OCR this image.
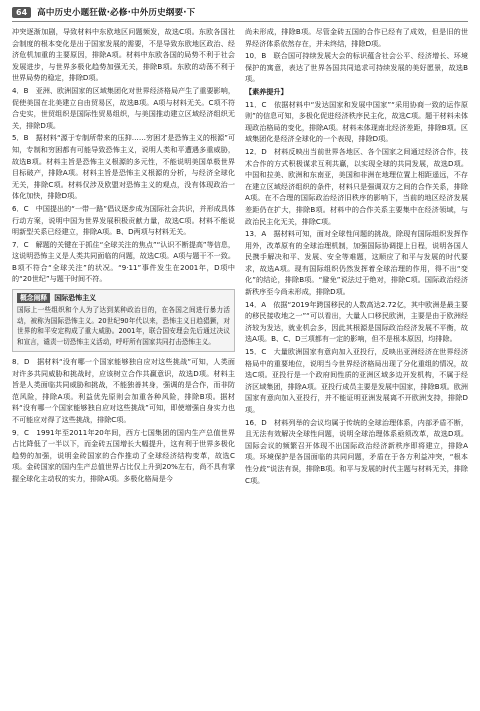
64	高中历史小题狂做·必修·中外历史纲要·下

冲突逐渐加剧，导致材料中东欧地区问题频发，故选C项。东欧各国社会制度的根本变化是出于国家发展的需要，不是导致东欧地区政治、经济危机加重的主要原因，排除A项。材料中东欧各国的局势不利于社会发展进步，与世界多极化趋势加强无关，排除B项。东欧的动荡不利于世界局势的稳定，排除D项。

4．B　亚洲、欧洲国家的区域集团化对世界经济格局产生了重要影响，促使美国在北美建立自由贸易区，故选B项。A项与材料无关。C项不符合史实，世贸组织是国际性贸易组织，与美国推动建立区域经济组织无关，排除D项。

5．B　据材料“源于专制所带来的压抑……穷困才是恐怖主义的根源”可知，专制和穷困都有可能导致恐怖主义，说明人类和平遭遇多重威胁，故选B项。材料主旨是恐怖主义根源的多元性，不能说明美国单极世界目标破产，排除A项。材料主旨是恐怖主义根源的分析，与经济全球化无关，排除C项。材料仅涉及欧盟对恐怖主义的观点，没有体现政治一体化加快，排除D项。

6．C　中国提出的“一带一路”倡议逐步成为国际社会共识，并形成具体行动方案，说明中国为世界发展积极贡献力量，故选C项。材料不能说明新型关系已经建立，排除A项。B、D两项与材料无关。

7．C　解题的关键在于抓住“全球关注的焦点”“认识不断提高”等信息，这说明恐怖主义是人类共同面临的问题，故选C项。A项与题干不一致。B项不符合“全球关注”的状况。“9·11”事件发生在2001年，D项中的“20世纪”与题干时间不符。

概念阐释	国际恐怖主义
国际上一些组织和个人为了达到某种政治目的，在各国之间进行暴力活动，被称为国际恐怖主义。20世纪90年代以来，恐怖主义日趋猖獗，对世界的和平安定构成了重大威胁。2001年，联合国安理会先后通过决议和宣言，谴责一切恐怖主义活动，呼吁所有国家共同打击恐怖主义。

8．D　据材料“没有哪一个国家能够独自应对这些挑战”可知，人类面对许多共同威胁和挑战时，应该树立合作共赢意识，故选D项。材料主旨是人类面临共同威胁和挑战，不能独善其身，强调的是合作，而非防范风险，排除A项。利益优先原则会加重各种风险，排除B项。据材料“没有哪一个国家能够独自应对这些挑战”可知，即使增强自身实力也不可能应对得了这些挑战，排除C项。

9．C　1991年至2011年20年间，西方七国集团的国内生产总值世界占比降低了一半以下，而金砖五国增长大幅提升，这有利于世界多极化趋势的加强，说明金砖国家的合作推动了全球经济结构变革，故选C项。金砖国家的国内生产总值世界占比仅上升到20%左右，尚不具有掌握全球化主动权的实力，排除A项。多极化格局是今

尚未形成，排除B项。尽管金砖五国的合作已经有了成效，但是旧的世界经济体系依然存在，并未终结，排除D项。

10．B　联合国可持续发展大会的标识蕴含社会公平、经济增长、环境保护的寓意，表达了世界各国共同追求可持续发展的美好愿景，故选B项。

【素养提升】

11．C　依据材料中“发达国家和发展中国家”“采用协商一致的运作原则”的信息可知，多极化促进经济秩序民主化，故选C项。题干材料未体现政治格局的变化，排除A项。材料未体现南北经济差距，排除B项。区域集团化是经济全球化的一个表现，排除D项。

12．D　材料反映出当前世界各地区、各个国家之间通过经济合作，技术合作的方式积极谋求互利共赢，以实现全球的共同发展，故选D项。中国和拉美、欧洲和东南亚，美国和非洲在地理位置上相距遥远，不存在建立区域经济组织的条件，材料只是强调双方之间的合作关系，排除A项。在不合理的国际政治经济旧秩序的影响下，当前的地区经济发展差距仍在扩大，排除B项。材料中的合作关系主要集中在经济领域，与政治民主化无关，排除C项。

13．A　据材料可知，面对全球性问题的挑战，除现有国际组织发挥作用外，改革原有的全球治理机制，加强国际协调提上日程，说明各国人民携手解决和平、发展、安全等难题，这顺应了和平与发展的时代要求，故选A项。现有国际组织仍然发挥着全球治理的作用，得不出“变化”的结论，排除B项。“避免”说法过于绝对，排除C项。国际政治经济新秩序至今尚未形成，排除D项。

14．A　依据“2019年跨国移民的人数高达2.72亿，其中欧洲是最主要的移民接收地之一”“可以看出，大量人口移民欧洲，主要是由于欧洲经济较为发达，就业机会多，因此其根源是国际政治经济发展不平衡，故选A项。B、C、D三项都有一定的影响，但不是根本原因，均排除。

15．C　大量欧洲国家有意向加入亚投行，反映出亚洲经济在世界经济格局中的重要地位，说明当今世界经济格局出现了分化重组的情况，故选C项。亚投行是一个政府间性质的亚洲区域多边开发机构，不属于经济区域集团，排除A项。亚投行成员主要是发展中国家，排除B项。欧洲国家有意向加入亚投行，并不能证明亚洲发展离不开欧洲支持，排除D项。

16．D　材料列举的会议均属于传统的全球治理体系，内部矛盾不断，且无法有效解决全球性问题，说明全球治理体系亟须改革，故选D项。国际会议的频繁召开体现不出国际政治经济新秩序即将建立，排除A项。环境保护是各国面临的共同问题，矛盾在于各方利益冲突，“根本性分歧”说法有误，排除B项。和平与发展的时代主题与材料无关，排除C项。
